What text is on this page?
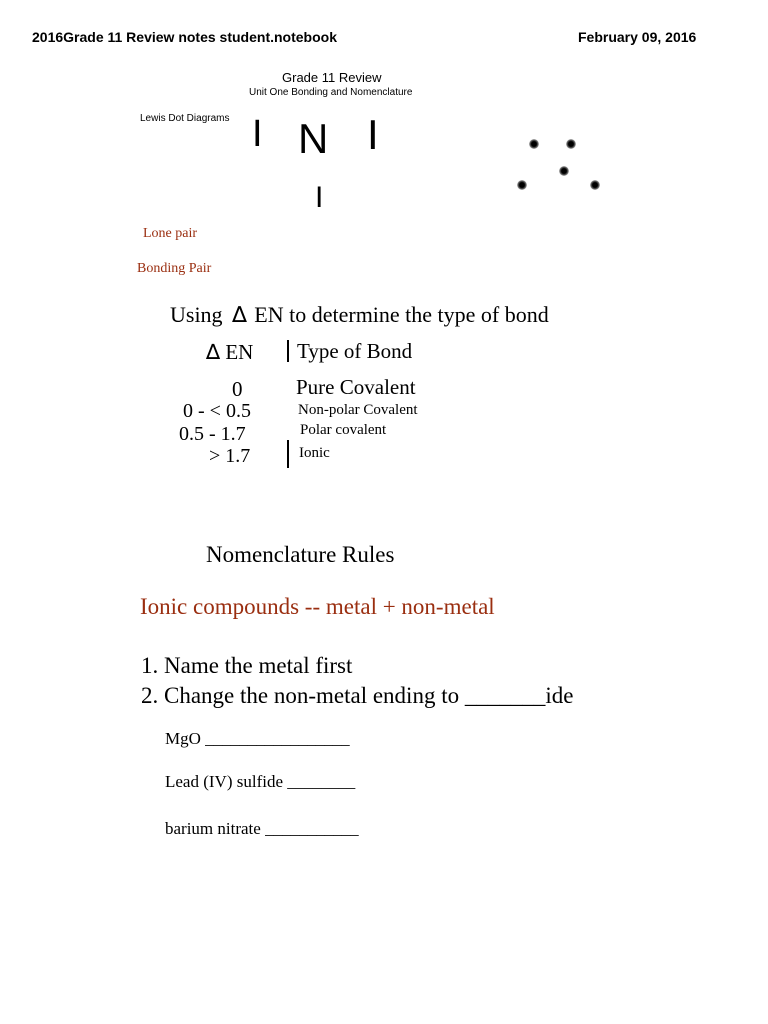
2016Grade 11 Review notes student.notebook	February 09, 2016
Grade 11 Review
Unit One Bonding and Nomenclature
Lewis Dot Diagrams I N I
I
Lone pair
Bonding Pair
Using ∆ EN to determine the type of bond
∆ EN Type of Bond
0	Pure Covalent
0 - < 0.5	Non-polar Covalent
0.5 - 1.7	Polar covalent
> 1.7	Ionic
Nomenclature Rules
Ionic compounds -- metal + non-metal
1. Name the metal first
2. Change the non-metal ending to _______ide
MgO _________________
Lead (IV) sulfide ________
barium nitrate ___________
